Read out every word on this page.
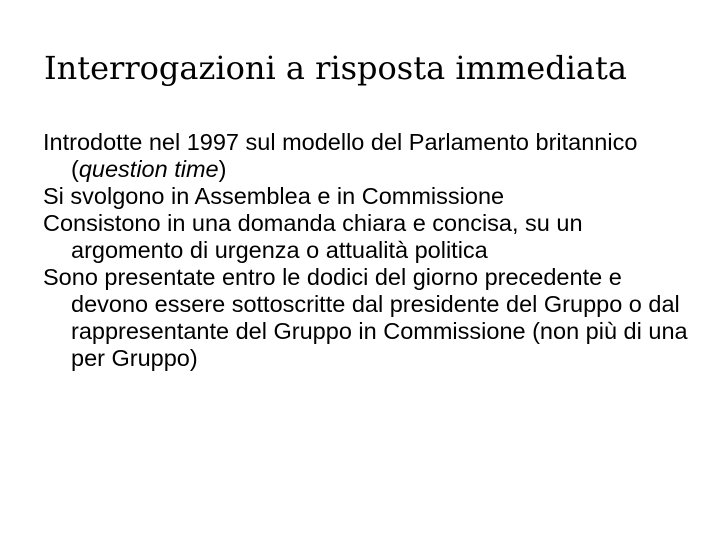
Interrogazioni a risposta immediata
Introdotte nel 1997 sul modello del Parlamento britannico (question time)
Si svolgono in Assemblea e in Commissione
Consistono in una domanda chiara e concisa, su un argomento di urgenza o attualità politica
Sono presentate entro le dodici del giorno precedente e devono essere sottoscritte dal presidente del Gruppo o dal rappresentante del Gruppo in Commissione (non più di una per Gruppo)
